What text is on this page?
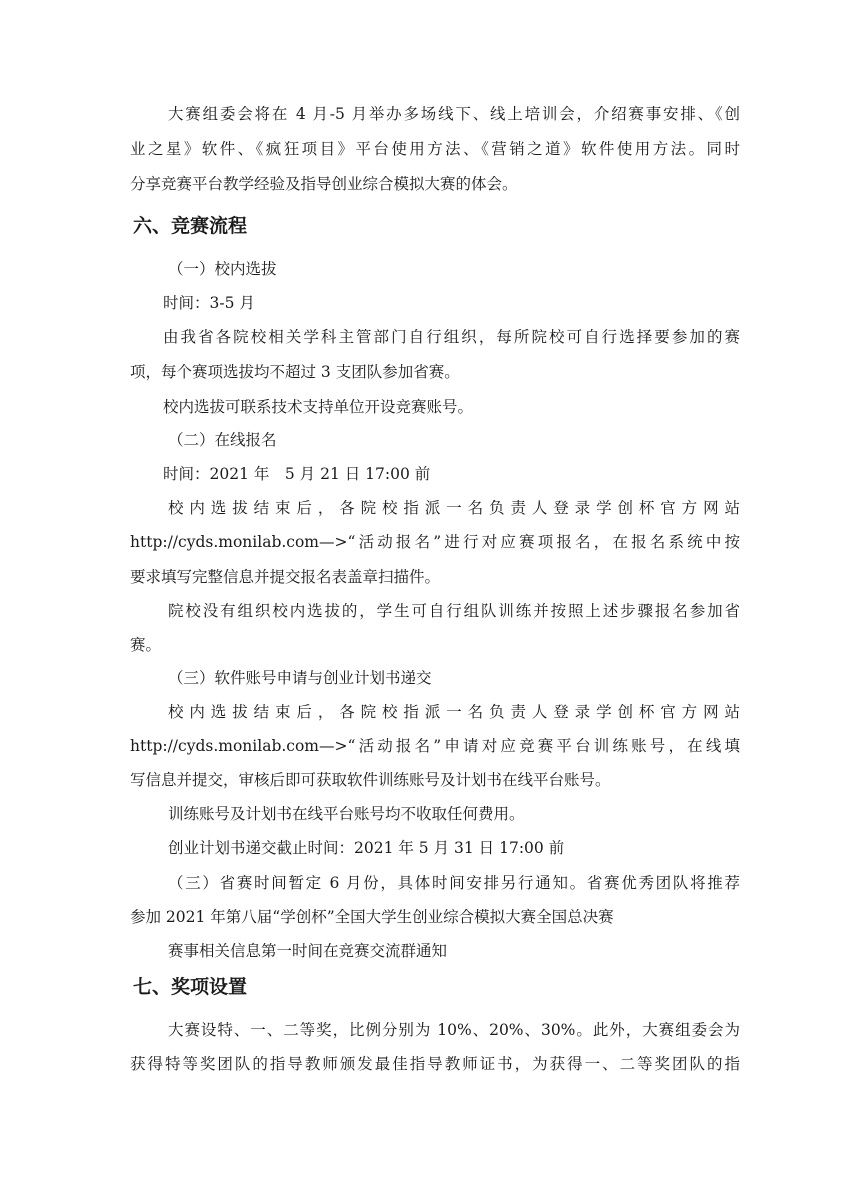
大赛组委会将在 4 月-5 月举办多场线下、线上培训会，介绍赛事安排、《创
业之星》软件、《疯狂项目》平台使用方法、《营销之道》软件使用方法。同时
分享竞赛平台教学经验及指导创业综合模拟大赛的体会。
六、竞赛流程
（一）校内选拔
时间：3-5 月
由我省各院校相关学科主管部门自行组织，每所院校可自行选择要参加的赛
项，每个赛项选拔均不超过 3 支团队参加省赛。
校内选拔可联系技术支持单位开设竞赛账号。
（二）在线报名
时间：2021 年　5 月 21 日 17:00 前
校内选拔结束后，各院校指派一名负责人登录学创杯官方网站
http://cyds.monilab.com—>“活动报名”进行对应赛项报名，在报名系统中按
要求填写完整信息并提交报名表盖章扫描件。
院校没有组织校内选拔的，学生可自行组队训练并按照上述步骤报名参加省
赛。
（三）软件账号申请与创业计划书递交
校内选拔结束后，各院校指派一名负责人登录学创杯官方网站
http://cyds.monilab.com—>“活动报名”申请对应竞赛平台训练账号，在线填
写信息并提交，审核后即可获取软件训练账号及计划书在线平台账号。
训练账号及计划书在线平台账号均不收取任何费用。
创业计划书递交截止时间：2021 年 5 月 31 日 17:00 前
（三）省赛时间暂定 6 月份，具体时间安排另行通知。省赛优秀团队将推荐
参加 2021 年第八届“学创杯”全国大学生创业综合模拟大赛全国总决赛
赛事相关信息第一时间在竞赛交流群通知
七、奖项设置
大赛设特、一、二等奖，比例分别为 10%、20%、30%。此外，大赛组委会为
获得特等奖团队的指导教师颁发最佳指导教师证书，为获得一、二等奖团队的指
